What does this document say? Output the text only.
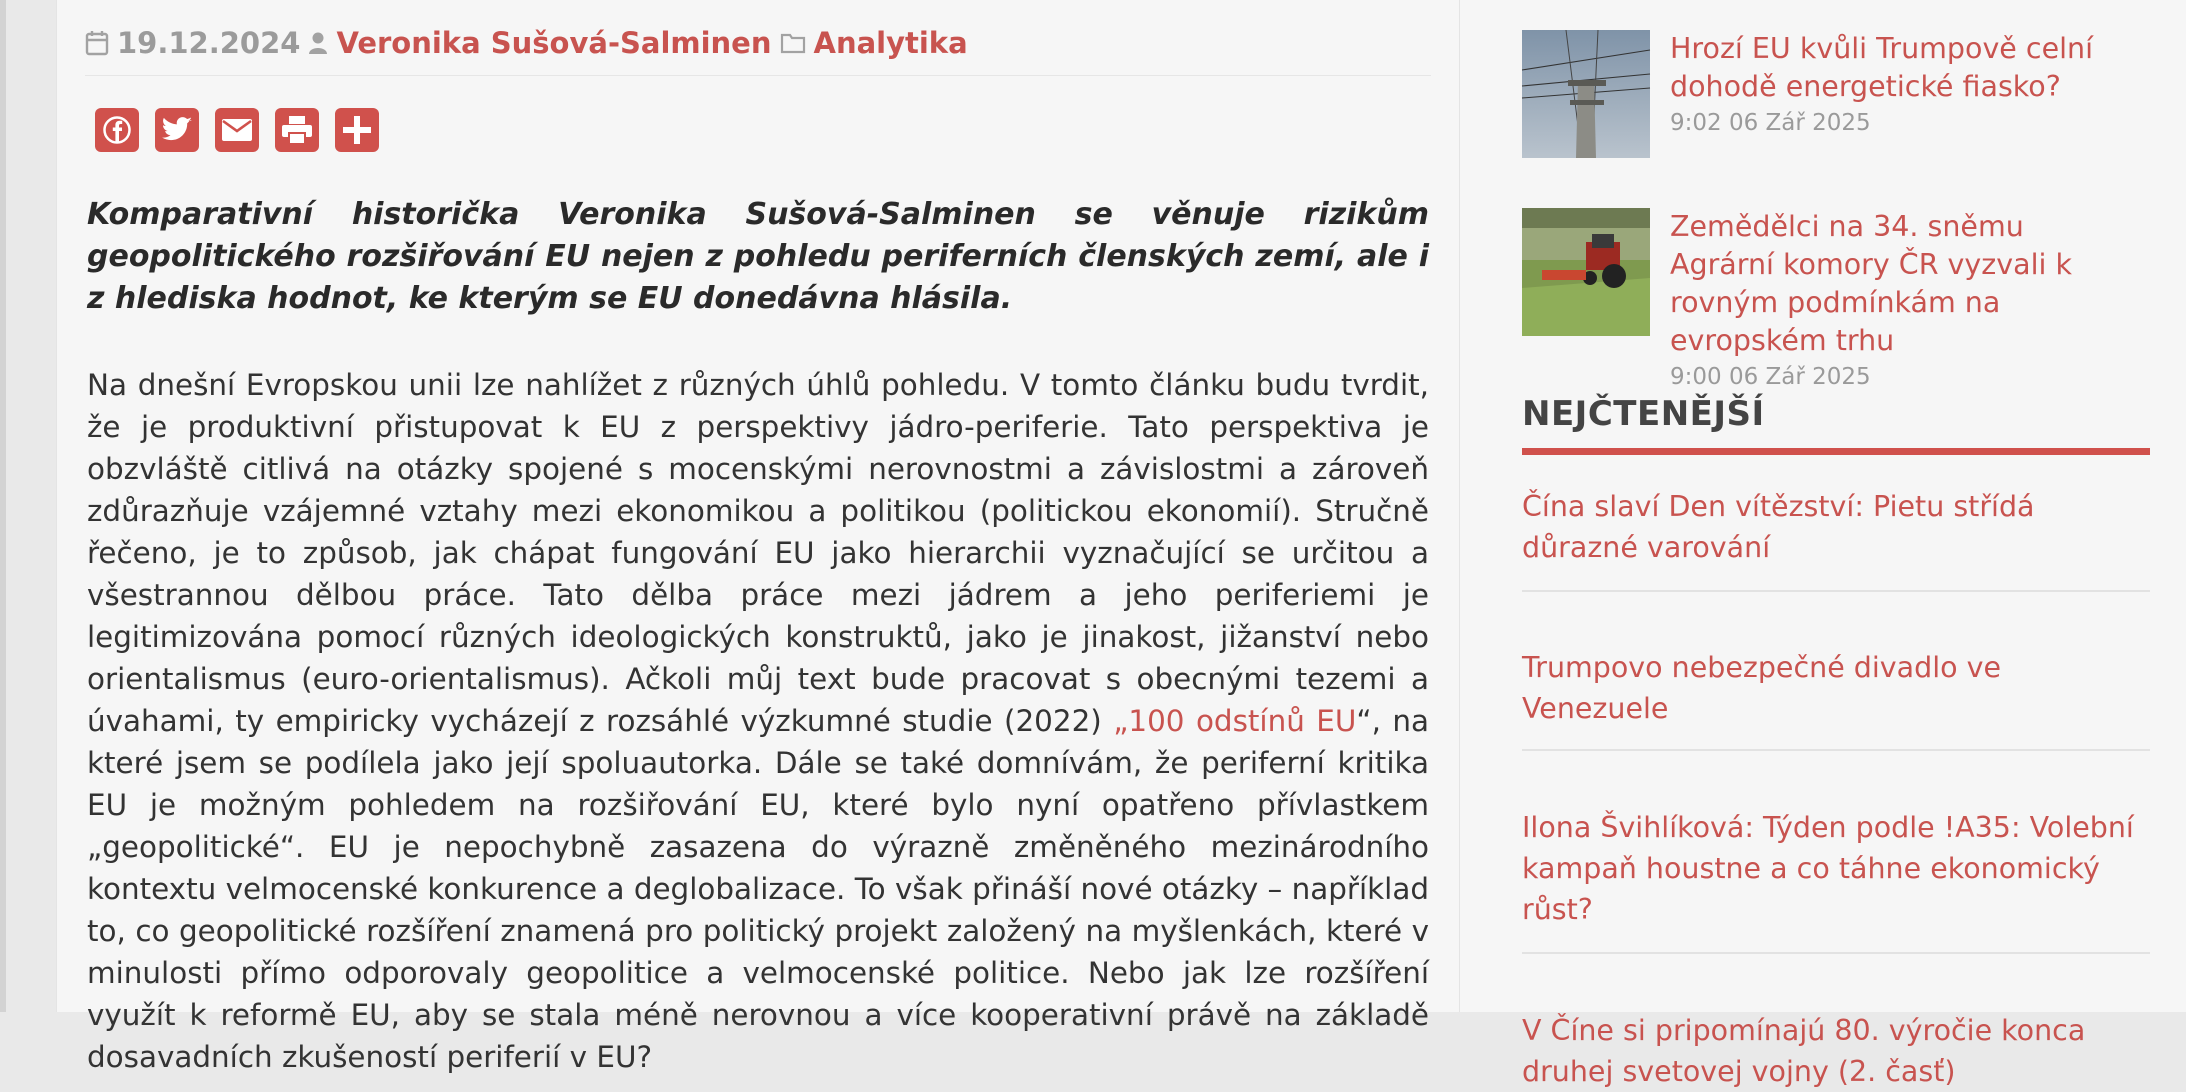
19.12.2024 Veronika Sušová-Salminen Analytika

Komparativní historička Veronika Sušová-Salminen se věnuje rizikům geopolitického rozšiřování EU nejen z pohledu periferních členských zemí, ale i z hlediska hodnot, ke kterým se EU donedávna hlásila.

Na dnešní Evropskou unii lze nahlížet z různých úhlů pohledu. V tomto článku budu tvrdit, že je produktivní přistupovat k EU z perspektivy jádro-periferie. Tato perspektiva je obzvláště citlivá na otázky spojené s mocenskými nerovnostmi a závislostmi a zároveň zdůrazňuje vzájemné vztahy mezi ekonomikou a politikou (politickou ekonomií). Stručně řečeno, je to způsob, jak chápat fungování EU jako hierarchii vyznačující se určitou a všestrannou dělbou práce. Tato dělba práce mezi jádrem a jeho periferiemi je legitimizována pomocí různých ideologických konstruktů, jako je jinakost, jižanství nebo orientalismus (euro-orientalismus). Ačkoli můj text bude pracovat s obecnými tezemi a úvahami, ty empiricky vycházejí z rozsáhlé výzkumné studie (2022) „100 odstínů EU“, na které jsem se podílela jako její spoluautorka. Dále se také domnívám, že periferní kritika EU je možným pohledem na rozšiřování EU, které bylo nyní opatřeno přívlastkem „geopolitické“. EU je nepochybně zasazena do výrazně změněného mezinárodního kontextu velmocenské konkurence a deglobalizace. To však přináší nové otázky – například to, co geopolitické rozšíření znamená pro politický projekt založený na myšlenkách, které v minulosti přímo odporovaly geopolitice a velmocenské politice. Nebo jak lze rozšíření využít k reformě EU, aby se stala méně nerovnou a více kooperativní právě na základě dosavadních zkušeností periferií v EU?

Hrozí EU kvůli Trumpově celní dohodě energetické fiasko?
9:02 06 Zář 2025
Zemědělci na 34. sněmu Agrární komory ČR vyzvali k rovným podmínkám na evropském trhu
9:00 06 Zář 2025
NEJČTENĚJŠÍ
Čína slaví Den vítězství: Pietu střídá důrazné varování
Trumpovo nebezpečné divadlo ve Venezuele
Ilona Švihlíková: Týden podle !A35: Volební kampaň houstne a co táhne ekonomický růst?
V Číne si pripomínajú 80. výročie konca druhej svetovej vojny (2. časť)
